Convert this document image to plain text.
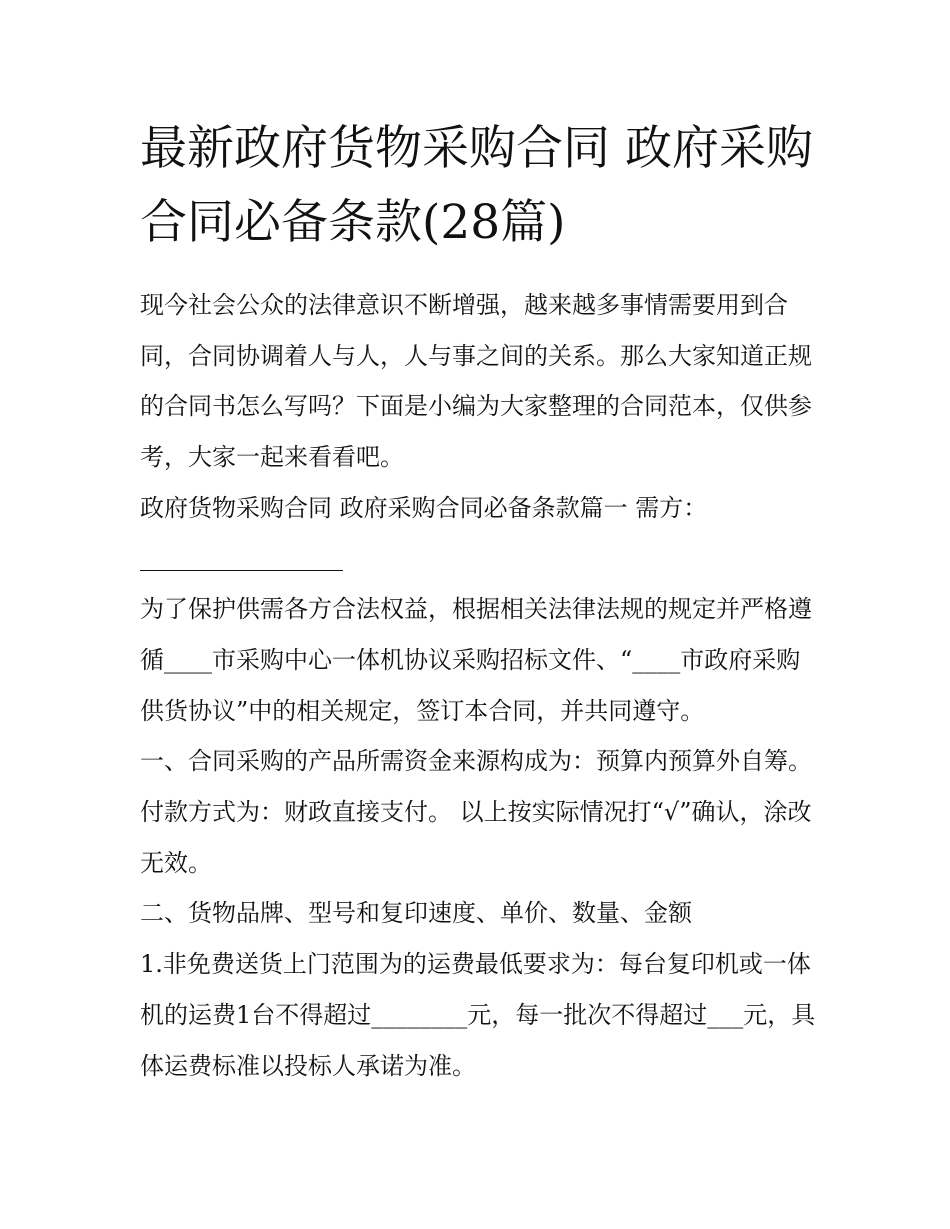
最新政府货物采购合同 政府采购合同必备条款(28篇)

现今社会公众的法律意识不断增强，越来越多事情需要用到合同，合同协调着人与人，人与事之间的关系。那么大家知道正规的合同书怎么写吗？下面是小编为大家整理的合同范本，仅供参考，大家一起来看看吧。

政府货物采购合同 政府采购合同必备条款篇一 需方：

为了保护供需各方合法权益，根据相关法律法规的规定并严格遵循____市采购中心一体机协议采购招标文件、“____市政府采购供货协议”中的相关规定，签订本合同，并共同遵守。

一、合同采购的产品所需资金来源构成为：预算内预算外自筹。付款方式为：财政直接支付。 以上按实际情况打“√”确认，涂改无效。

二、货物品牌、型号和复印速度、单价、数量、金额

1.非免费送货上门范围为的运费最低要求为：每台复印机或一体机的运费1台不得超过________元，每一批次不得超过___元，具体运费标准以投标人承诺为准。
